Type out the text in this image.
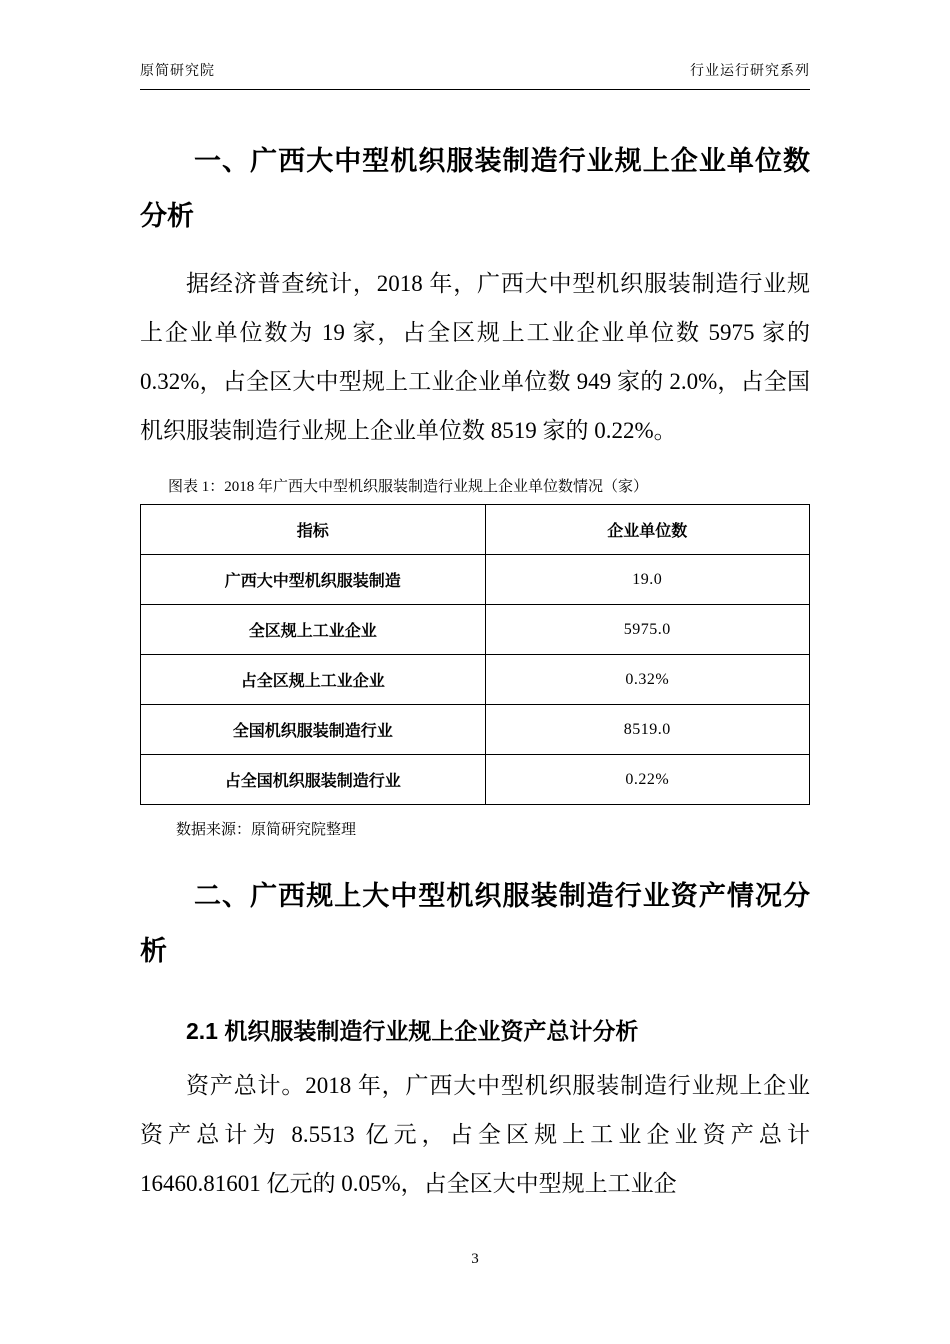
原简研究院	行业运行研究系列
一、广西大中型机织服装制造行业规上企业单位数分析

据经济普查统计，2018 年，广西大中型机织服装制造行业规上企业单位数为 19 家，占全区规上工业企业单位数 5975 家的 0.32%，占全区大中型规上工业企业单位数 949 家的 2.0%，占全国机织服装制造行业规上企业单位数 8519 家的 0.22%。

图表 1：2018 年广西大中型机织服装制造行业规上企业单位数情况（家）
指标	企业单位数
广西大中型机织服装制造	19.0
全区规上工业企业	5975.0
占全区规上工业企业	0.32%
全国机织服装制造行业	8519.0
占全国机织服装制造行业	0.22%
数据来源：原简研究院整理
二、广西规上大中型机织服装制造行业资产情况分析
2.1 机织服装制造行业规上企业资产总计分析

资产总计。2018 年，广西大中型机织服装制造行业规上企业资产总计为 8.5513 亿元，占全区规上工业企业资产总计 16460.81601 亿元的 0.05%，占全区大中型规上工业企

3
